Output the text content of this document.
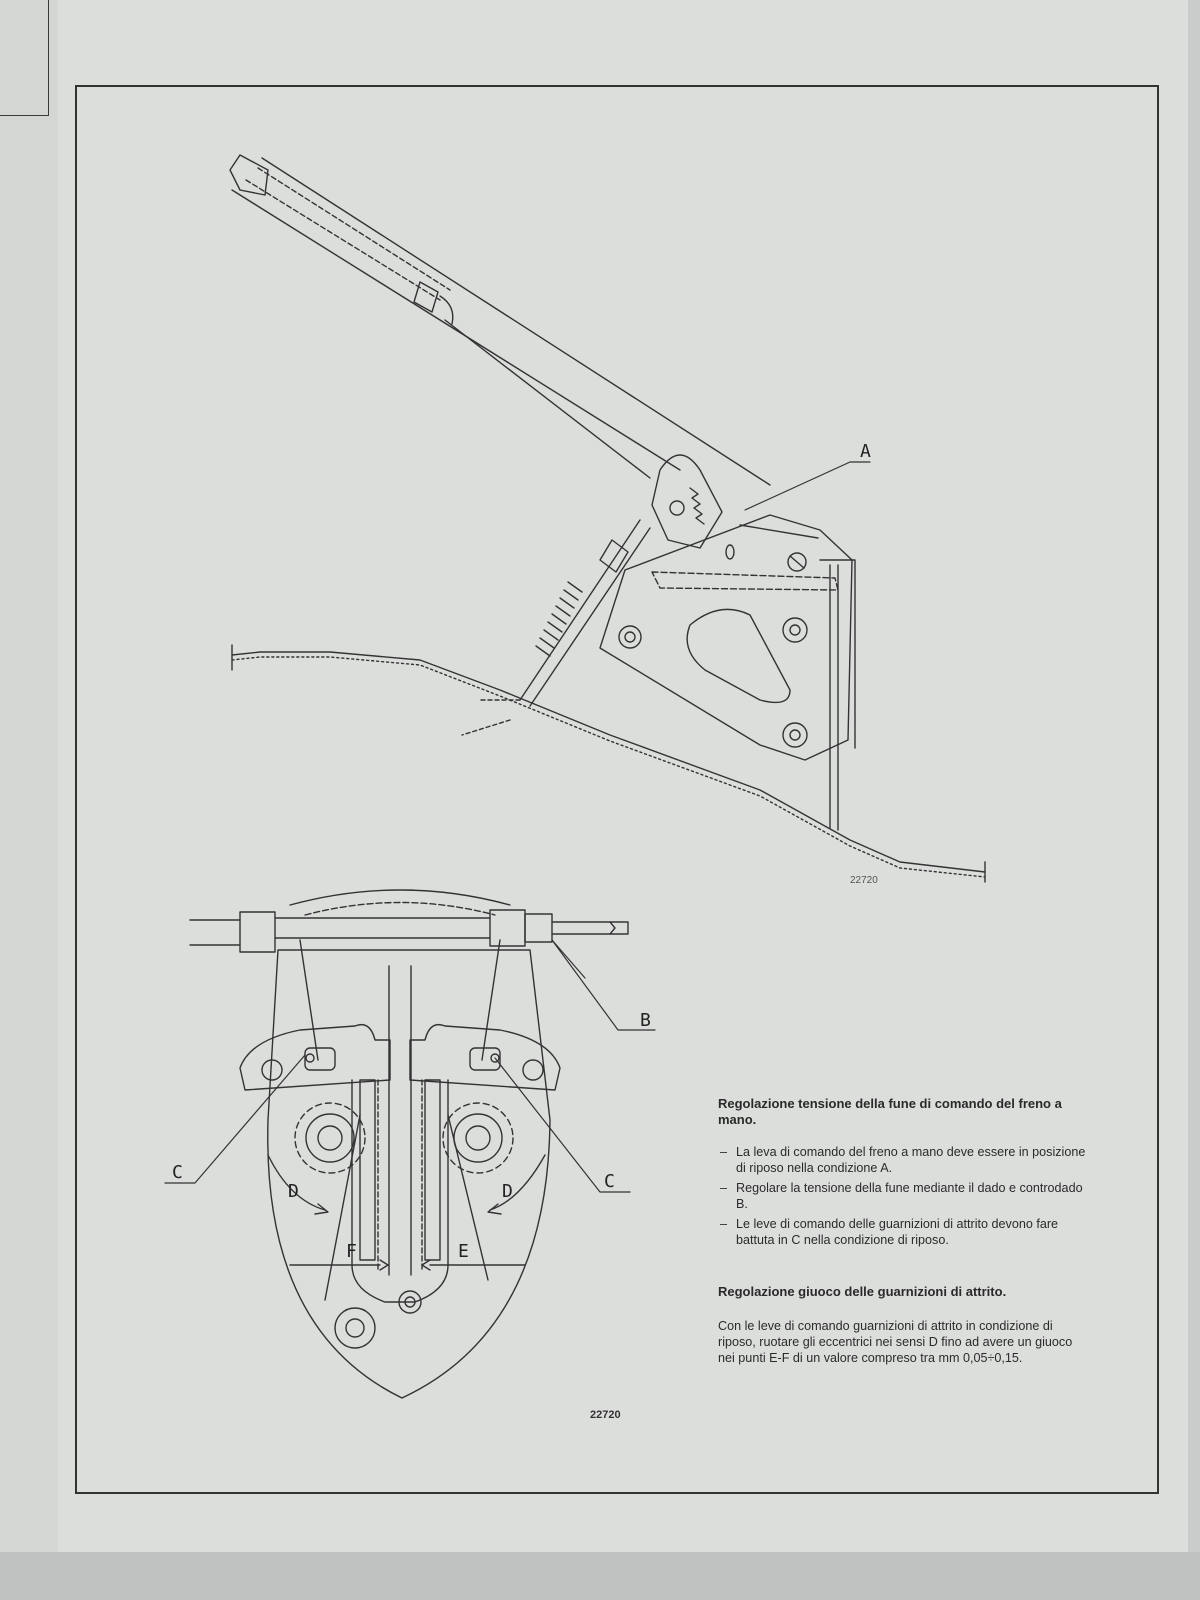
A
22720
C	C
B
D	D
F	E
22720
Regolazione tensione della fune di comando del freno a mano.
– La leva di comando del freno a mano deve essere in posizione di riposo nella condizione A.
– Regolare la tensione della fune mediante il dado e controdado B.
– Le leve di comando delle guarnizioni di attrito devono fare battuta in C nella condizione di riposo.
Regolazione giuoco delle guarnizioni di attrito.

Con le leve di comando guarnizioni di attrito in condizione di riposo, ruotare gli eccentrici nei sensi D fino ad avere un giuoco nei punti E-F di un valore compreso tra mm 0,05÷0,15.
